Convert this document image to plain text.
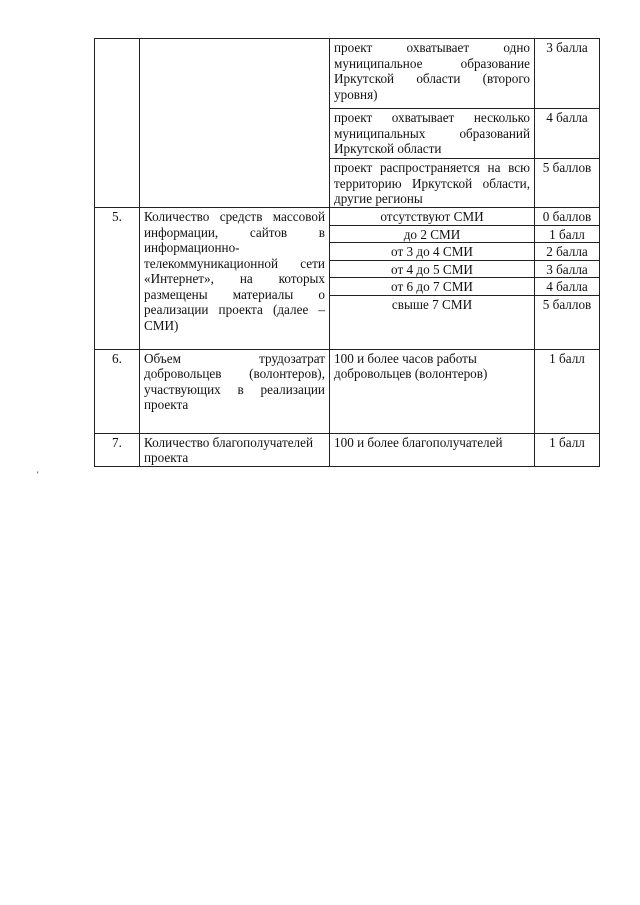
		проект охватывает одно муниципальное образование Иркутской области (второго уровня)	3 балла
		проект охватывает несколько муниципальных образований Иркутской области	4 балла
		проект распространяется на всю территорию Иркутской области, другие регионы	5 баллов
5.	Количество средств массовой информации, сайтов в информационно-телекоммуникационной сети «Интернет», на которых размещены материалы о реализации проекта (далее – СМИ)	отсутствуют СМИ	0 баллов
		до 2 СМИ	1 балл
		от 3 до 4 СМИ	2 балла
		от 4 до 5 СМИ	3 балла
		от 6 до 7 СМИ	4 балла
		свыше 7 СМИ	5 баллов
6.	Объем трудозатрат добровольцев (волонтеров), участвующих в реализации проекта	100 и более часов работы добровольцев (волонтеров)	1 балл
7.	Количество благополучателей проекта	100 и более благополучателей	1 балл
‘
